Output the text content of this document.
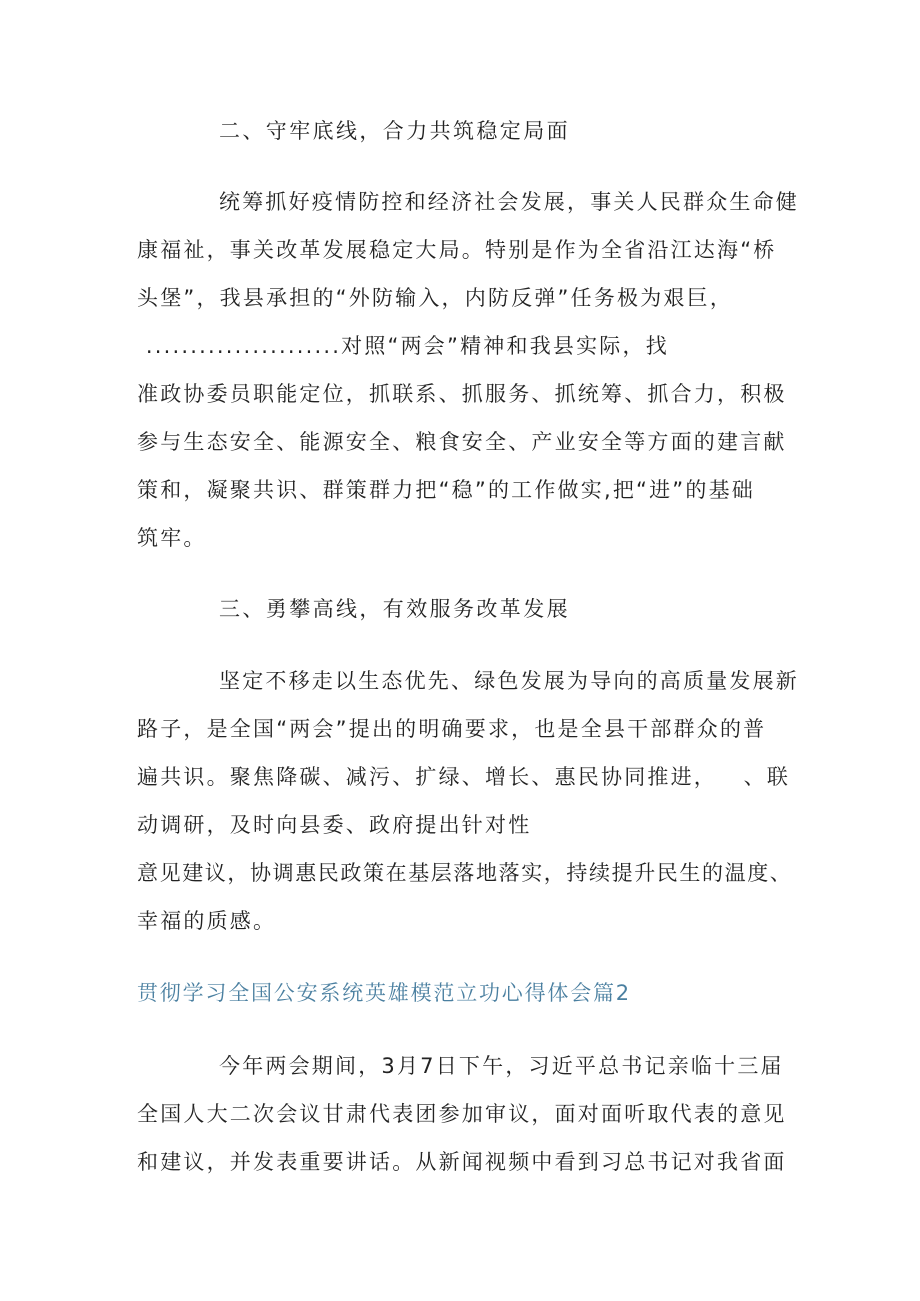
二、守牢底线，合力共筑稳定局面
统筹抓好疫情防控和经济社会发展，事关人民群众生命健
康福祉，事关改革发展稳定大局。特别是作为全省沿江达海“桥
头堡”，我县承担的“外防输入，内防反弹”任务极为艰巨，
......................对照“两会”精神和我县实际，找
准政协委员职能定位，抓联系、抓服务、抓统筹、抓合力，积极
参与生态安全、能源安全、粮食安全、产业安全等方面的建言献
策和，凝聚共识、群策群力把“稳”的工作做实,把“进”的基础
筑牢。
三、勇攀高线，有效服务改革发展
坚定不移走以生态优先、绿色发展为导向的高质量发展新
路子，是全国“两会”提出的明确要求，也是全县干部群众的普
遍共识。聚焦降碳、减污、扩绿、增长、惠民协同推进，   、联
动调研，及时向县委、政府提出针对性
意见建议，协调惠民政策在基层落地落实，持续提升民生的温度、
幸福的质感。
贯彻学习全国公安系统英雄模范立功心得体会篇2
今年两会期间，3月7日下午，习近平总书记亲临十三届
全国人大二次会议甘肃代表团参加审议，面对面听取代表的意见
和建议，并发表重要讲话。从新闻视频中看到习总书记对我省面
